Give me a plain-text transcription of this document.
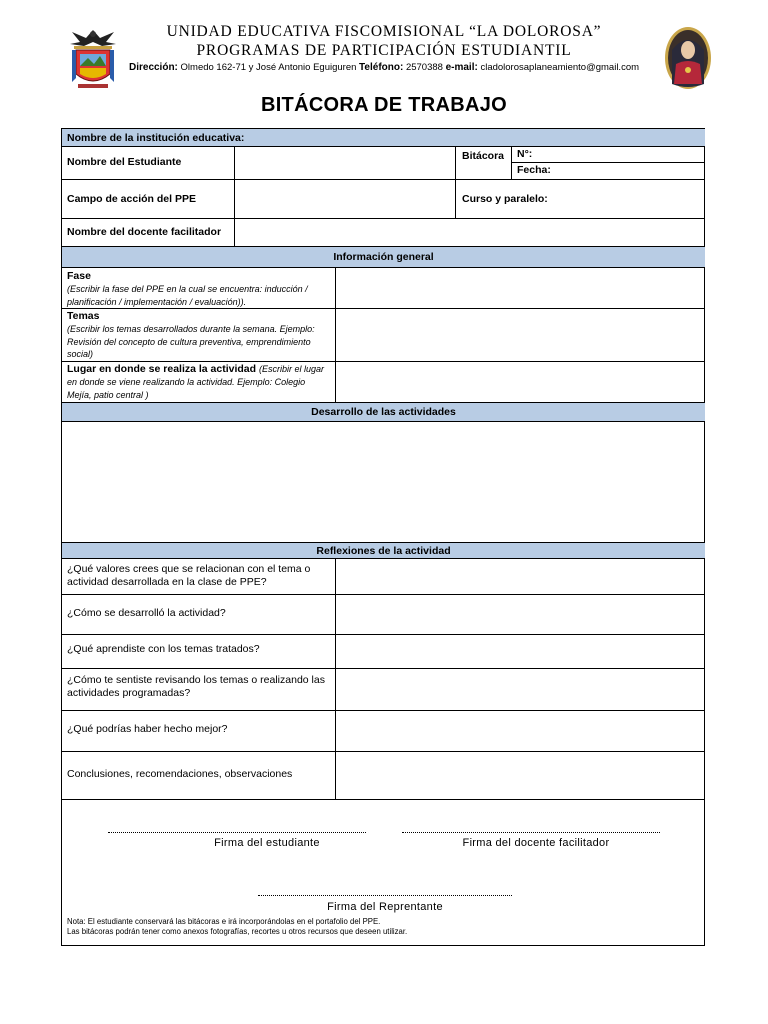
UNIDAD EDUCATIVA FISCOMISIONAL “LA DOLOROSA”
PROGRAMAS DE PARTICIPACIÓN ESTUDIANTIL
Dirección: Olmedo 162-71 y José Antonio Eguiguren Teléfono: 2570388 e-mail: cladolorosaplaneamiento@gmail.com
BITÁCORA DE TRABAJO
Nombre de la institución educativa:
Nombre del Estudiante	Bitácora N°:
Fecha:
Campo de acción del PPE	Curso y paralelo:
Nombre del docente facilitador
Información general
Fase
(Escribir la fase del PPE en la cual se encuentra: inducción / planificación / implementación / evaluación)).
Temas
(Escribir los temas desarrollados durante la semana. Ejemplo: Revisión del concepto de cultura preventiva, emprendimiento social)
Lugar en donde se realiza la actividad (Escribir el lugar en donde se viene realizando la actividad. Ejemplo: Colegio Mejía, patio central )
Desarrollo de las actividades
Reflexiones de la actividad
¿Qué valores crees que se relacionan con el tema o actividad desarrollada en la clase de PPE?
¿Cómo se desarrolló la actividad?
¿Qué aprendiste con los temas tratados?
¿Cómo te sentiste revisando los temas o realizando las actividades programadas?
¿Qué podrías haber hecho mejor?
Conclusiones, recomendaciones, observaciones
Firma del estudiante	Firma del docente facilitador
Firma del Reprentante
Nota: El estudiante conservará las bitácoras e irá incorporándolas en el portafolio del PPE.
Las bitácoras podrán tener como anexos fotografías, recortes u otros recursos que deseen utilizar.
